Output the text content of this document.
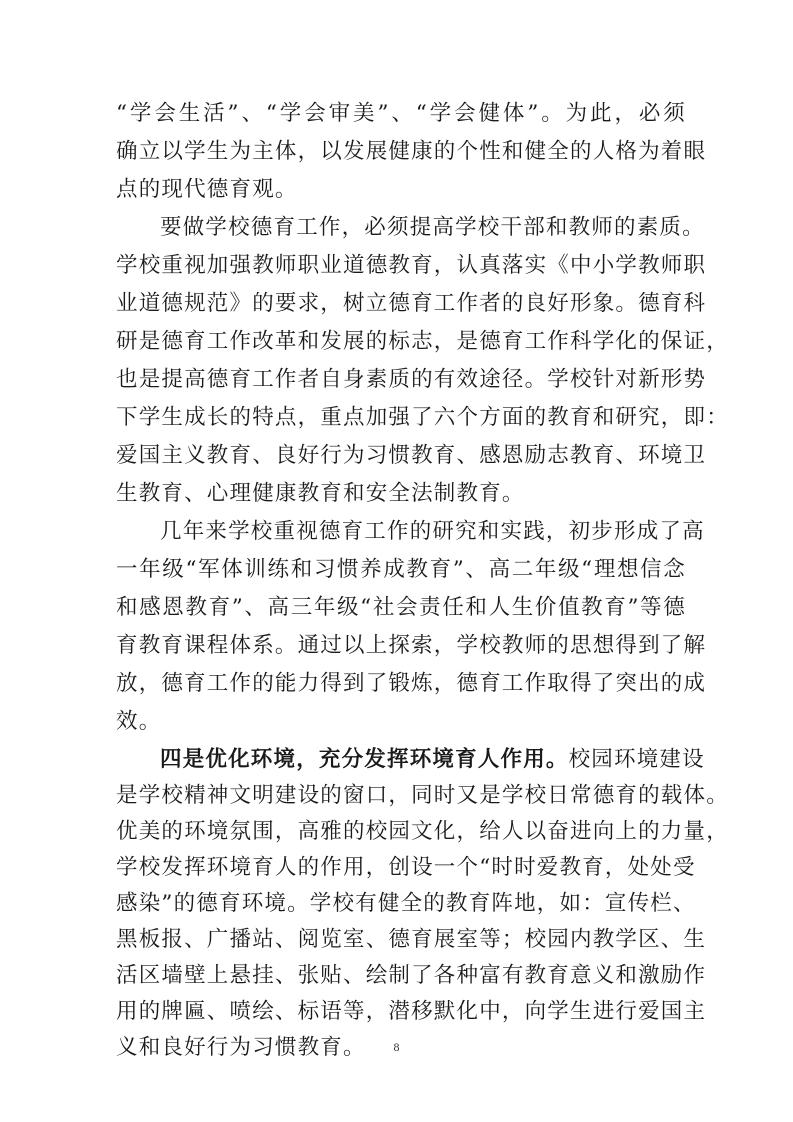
“学会生活”、“学会审美”、“学会健体”。为此，必须
确立以学生为主体，以发展健康的个性和健全的人格为着眼
点的现代德育观。
要做学校德育工作，必须提高学校干部和教师的素质。
学校重视加强教师职业道德教育，认真落实《中小学教师职
业道德规范》的要求，树立德育工作者的良好形象。德育科
研是德育工作改革和发展的标志，是德育工作科学化的保证，
也是提高德育工作者自身素质的有效途径。学校针对新形势
下学生成长的特点，重点加强了六个方面的教育和研究，即：
爱国主义教育、良好行为习惯教育、感恩励志教育、环境卫
生教育、心理健康教育和安全法制教育。
几年来学校重视德育工作的研究和实践，初步形成了高
一年级“军体训练和习惯养成教育”、高二年级“理想信念
和感恩教育”、高三年级“社会责任和人生价值教育”等德
育教育课程体系。通过以上探索，学校教师的思想得到了解
放，德育工作的能力得到了锻炼，德育工作取得了突出的成
效。
四是优化环境，充分发挥环境育人作用。校园环境建设
是学校精神文明建设的窗口，同时又是学校日常德育的载体。
优美的环境氛围，高雅的校园文化，给人以奋进向上的力量，
学校发挥环境育人的作用，创设一个“时时爱教育，处处受
感染”的德育环境。学校有健全的教育阵地，如：宣传栏、
黑板报、广播站、阅览室、德育展室等；校园内教学区、生
活区墙壁上悬挂、张贴、绘制了各种富有教育意义和激励作
8
用的牌匾、喷绘、标语等，潜移默化中，向学生进行爱国主
义和良好行为习惯教育。
